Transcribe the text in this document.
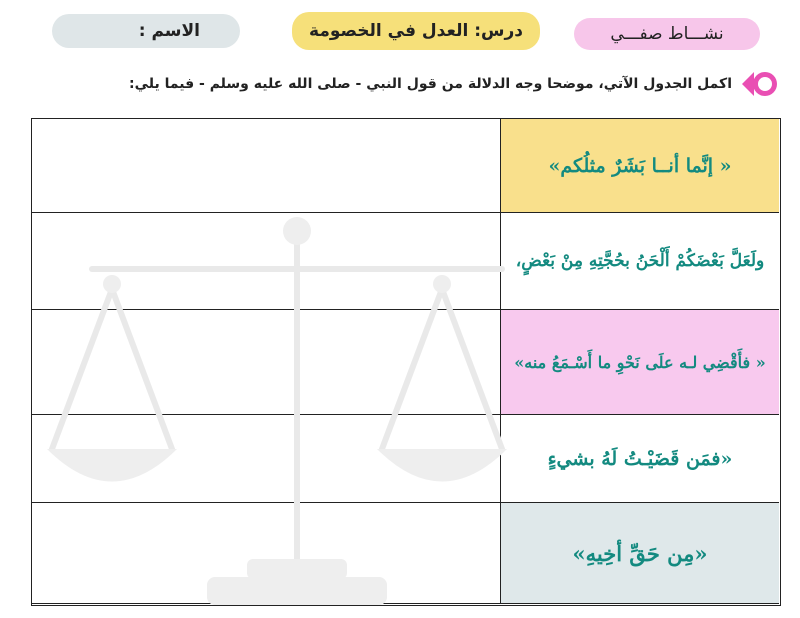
الاسم :	درس: العدل في الخصومة	نشـــاط صفـــي
اكمل الجدول الآتي، موضحا وجه الدلالة من قول النبي - صلى الله عليه وسلم - فيما يلي:
« إنَّما أنــا بَشَرٌ مثلُكم»
ولَعَلَّ بَعْضَكُمْ أَلْحَنُ بحُجَّتِهِ مِنْ بَعْضٍ،
« فأَقْضِي لـه علَى نَحْوِ ما أَسْـمَعُ منه»
«فمَن قَضَيْـتُ لَهُ بشيءٍ
«مِن حَقِّ أخِيهِ»
